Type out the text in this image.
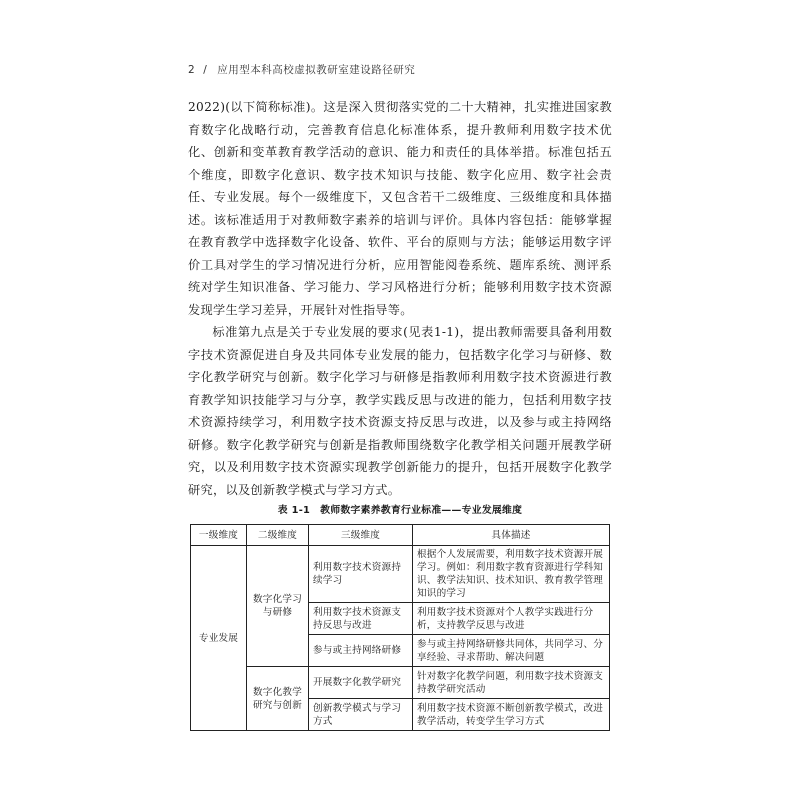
2 / 应用型本科高校虚拟教研室建设路径研究

2022)(以下简称标准)。这是深入贯彻落实党的二十大精神，扎实推进国家教育数字化战略行动，完善教育信息化标准体系，提升教师利用数字技术优化、创新和变革教育教学活动的意识、能力和责任的具体举措。标准包括五个维度，即数字化意识、数字技术知识与技能、数字化应用、数字社会责任、专业发展。每个一级维度下，又包含若干二级维度、三级维度和具体描述。该标准适用于对教师数字素养的培训与评价。具体内容包括：能够掌握在教育教学中选择数字化设备、软件、平台的原则与方法；能够运用数字评价工具对学生的学习情况进行分析，应用智能阅卷系统、题库系统、测评系统对学生知识准备、学习能力、学习风格进行分析；能够利用数字技术资源发现学生学习差异，开展针对性指导等。

标准第九点是关于专业发展的要求(见表1-1)，提出教师需要具备利用数字技术资源促进自身及共同体专业发展的能力，包括数字化学习与研修、数字化教学研究与创新。数字化学习与研修是指教师利用数字技术资源进行教育教学知识技能学习与分享，教学实践反思与改进的能力，包括利用数字技术资源持续学习，利用数字技术资源支持反思与改进，以及参与或主持网络研修。数字化教学研究与创新是指教师围绕数字化教学相关问题开展教学研究，以及利用数字技术资源实现教学创新能力的提升，包括开展数字化教学研究，以及创新教学模式与学习方式。

表 1-1　教师数字素养教育行业标准——专业发展维度
一级维度	二级维度	三级维度	具体描述
专业发展	数字化学习与研修	利用数字技术资源持续学习	根据个人发展需要，利用数字技术资源开展学习。例如：利用数字教育资源进行学科知识、教学法知识、技术知识、教育教学管理知识的学习
		利用数字技术资源支持反思与改进	利用数字技术资源对个人教学实践进行分析，支持教学反思与改进
		参与或主持网络研修	参与或主持网络研修共同体，共同学习、分享经验、寻求帮助、解决问题
	数字化教学研究与创新	开展数字化教学研究	针对数字化教学问题，利用数字技术资源支持教学研究活动
		创新教学模式与学习方式	利用数字技术资源不断创新教学模式，改进教学活动，转变学生学习方式
